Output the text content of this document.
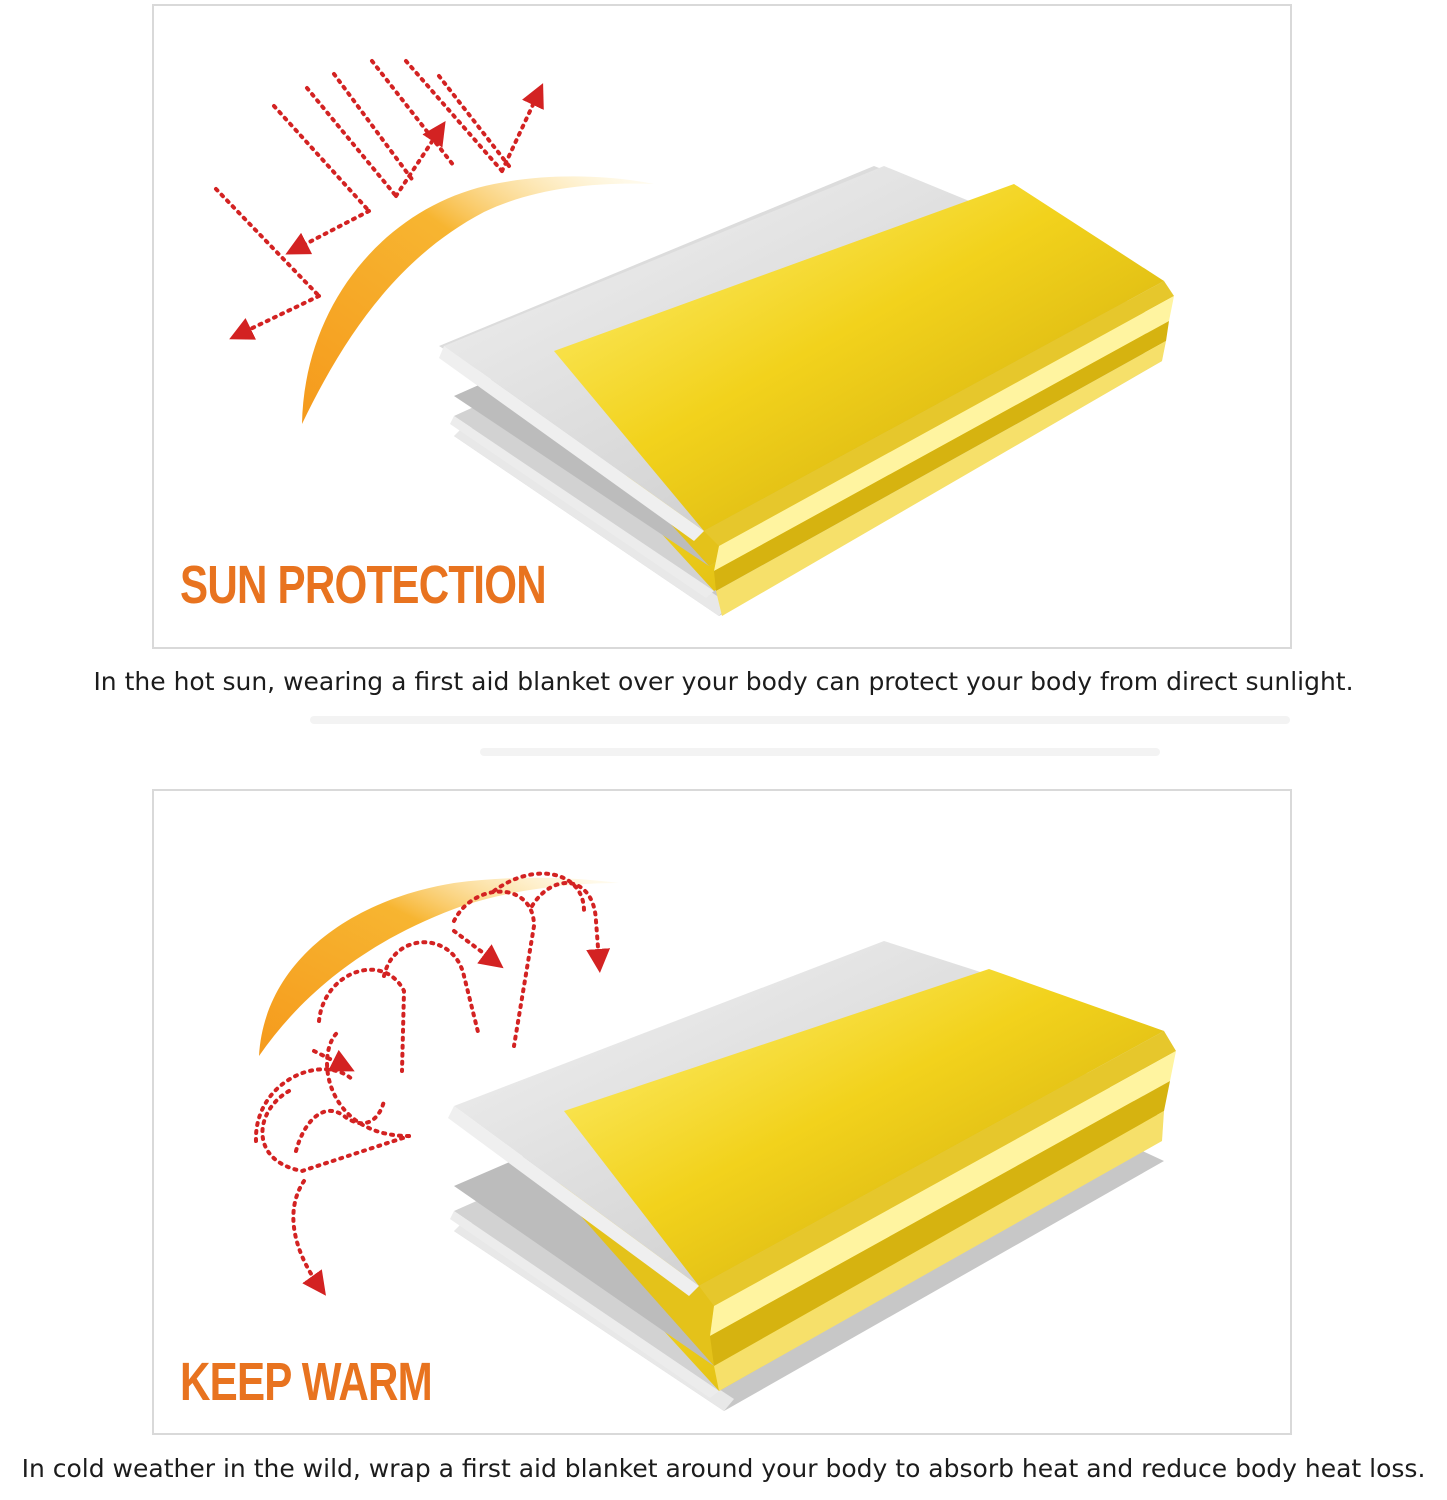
SUN PROTECTION
In the hot sun, wearing a first aid blanket over your body can protect your body from direct sunlight.
KEEP WARM
In cold weather in the wild, wrap a first aid blanket around your body to absorb heat and reduce body heat loss.
